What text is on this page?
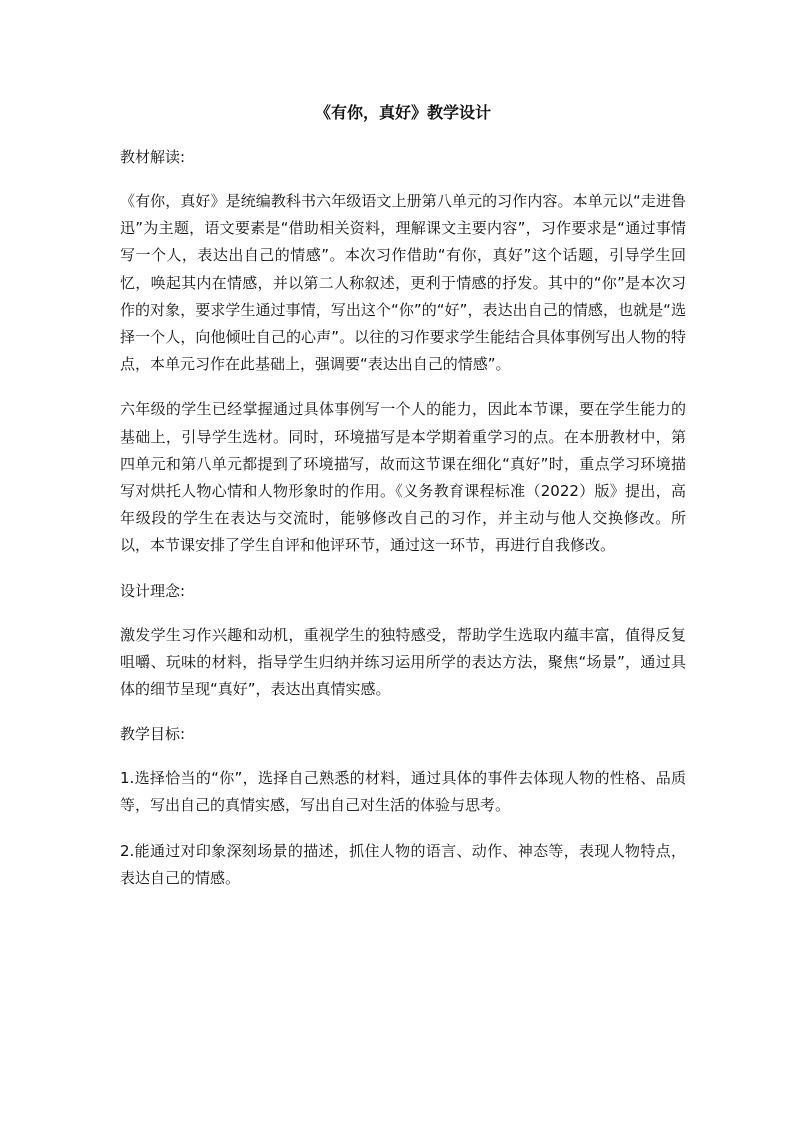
《有你，真好》教学设计
教材解读:
《有你，真好》是统编教科书六年级语文上册第八单元的习作内容。本单元以“走进鲁迅”为主题，语文要素是“借助相关资料，理解课文主要内容”，习作要求是“通过事情写一个人，表达出自己的情感”。本次习作借助“有你，真好”这个话题，引导学生回忆，唤起其内在情感，并以第二人称叙述，更利于情感的抒发。其中的“你”是本次习作的对象，要求学生通过事情，写出这个“你”的“好”，表达出自己的情感，也就是“选择一个人，向他倾吐自己的心声”。以往的习作要求学生能结合具体事例写出人物的特点，本单元习作在此基础上，强调要“表达出自己的情感”。
六年级的学生已经掌握通过具体事例写一个人的能力，因此本节课，要在学生能力的基础上，引导学生选材。同时，环境描写是本学期着重学习的点。在本册教材中，第四单元和第八单元都提到了环境描写，故而这节课在细化“真好”时，重点学习环境描写对烘托人物心情和人物形象时的作用。《义务教育课程标准（2022）版》提出，高年级段的学生在表达与交流时，能够修改自己的习作，并主动与他人交换修改。所以，本节课安排了学生自评和他评环节，通过这一环节，再进行自我修改。
设计理念:
激发学生习作兴趣和动机，重视学生的独特感受，帮助学生选取内蕴丰富，值得反复咀嚼、玩味的材料，指导学生归纳并练习运用所学的表达方法，聚焦“场景”，通过具体的细节呈现“真好”，表达出真情实感。
教学目标:
1.选择恰当的“你”，选择自己熟悉的材料，通过具体的事件去体现人物的性格、品质等，写出自己的真情实感，写出自己对生活的体验与思考。
2.能通过对印象深刻场景的描述，抓住人物的语言、动作、神态等，表现人物特点，表达自己的情感。
